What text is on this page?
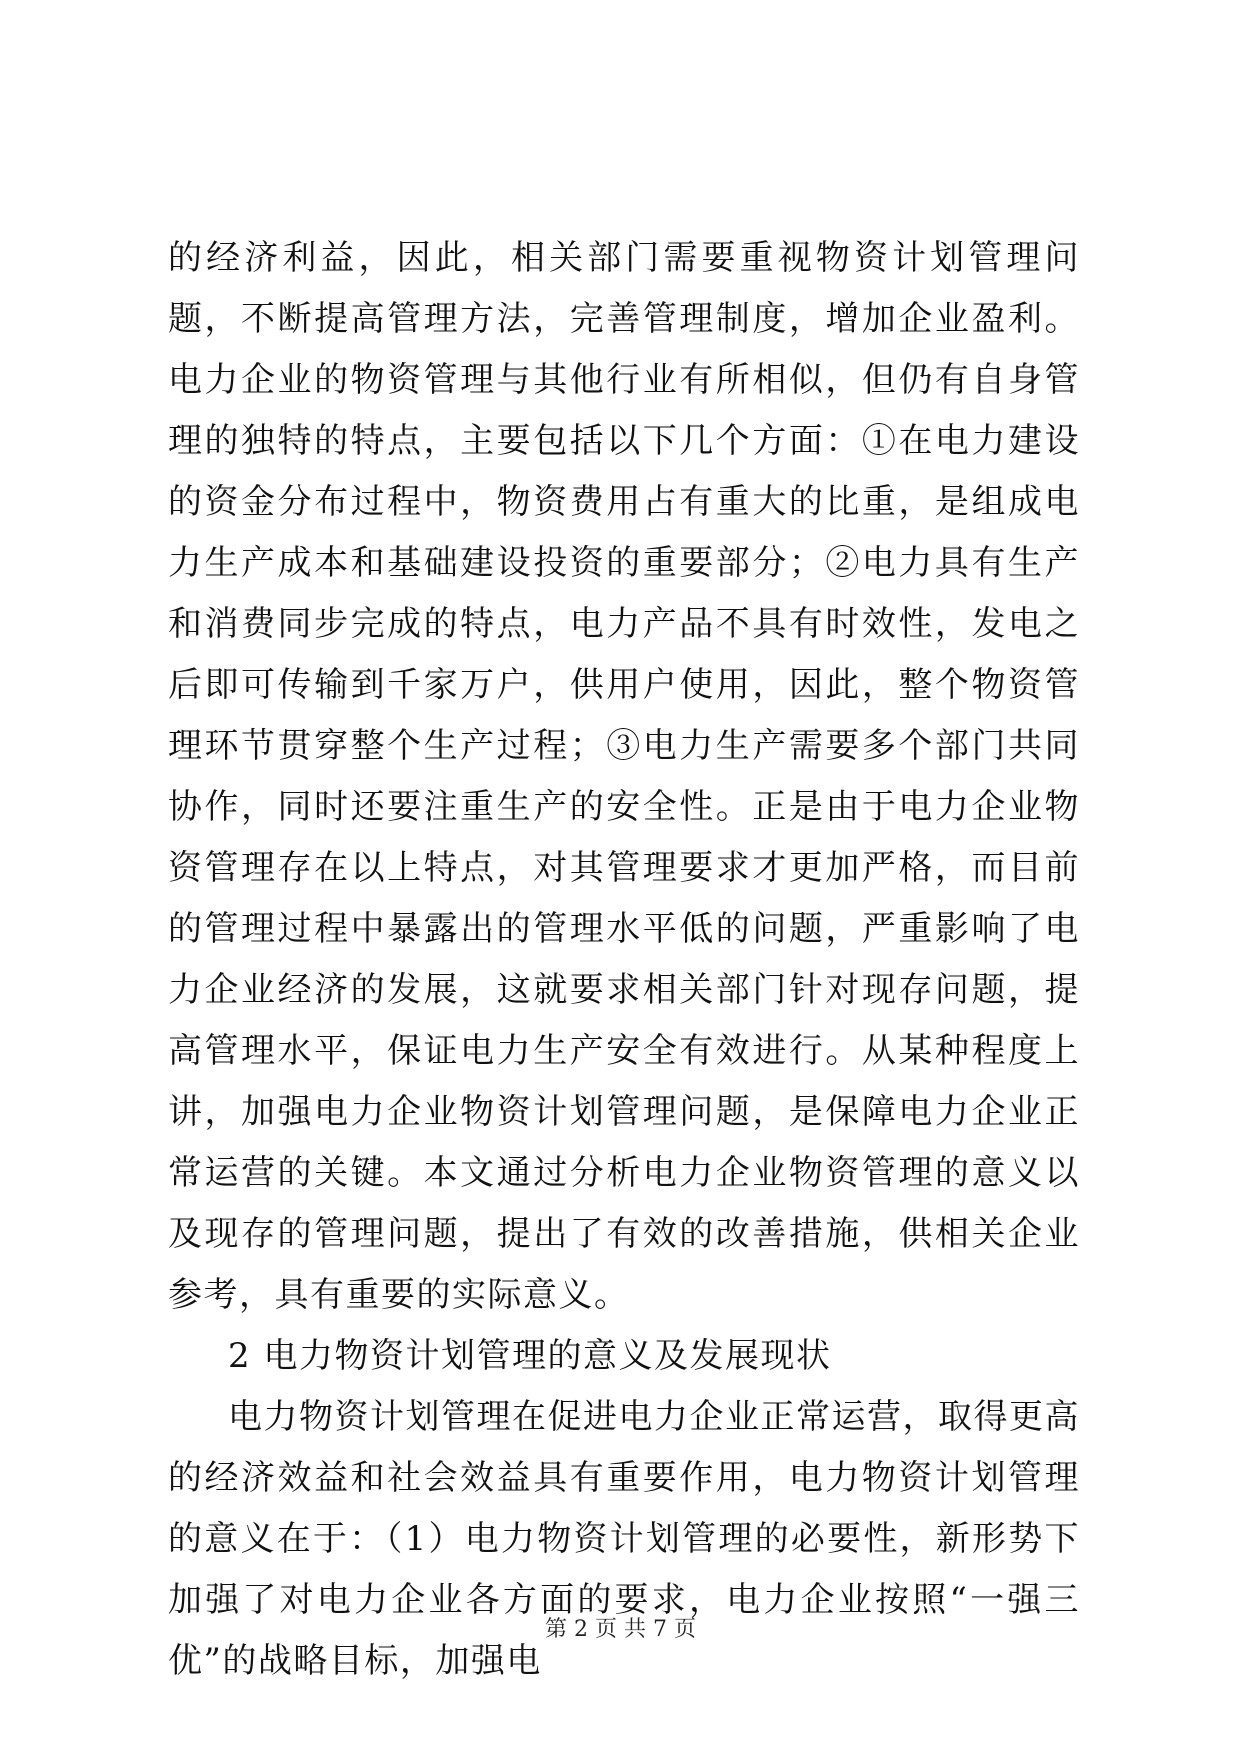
的经济利益，因此，相关部门需要重视物资计划管理问题，不断提高管理方法，完善管理制度，增加企业盈利。电力企业的物资管理与其他行业有所相似，但仍有自身管理的独特的特点，主要包括以下几个方面：①在电力建设的资金分布过程中，物资费用占有重大的比重，是组成电力生产成本和基础建设投资的重要部分；②电力具有生产和消费同步完成的特点，电力产品不具有时效性，发电之后即可传输到千家万户，供用户使用，因此，整个物资管理环节贯穿整个生产过程；③电力生产需要多个部门共同协作，同时还要注重生产的安全性。正是由于电力企业物资管理存在以上特点，对其管理要求才更加严格，而目前的管理过程中暴露出的管理水平低的问题，严重影响了电力企业经济的发展，这就要求相关部门针对现存问题，提高管理水平，保证电力生产安全有效进行。从某种程度上讲，加强电力企业物资计划管理问题，是保障电力企业正常运营的关键。本文通过分析电力企业物资管理的意义以及现存的管理问题，提出了有效的改善措施，供相关企业参考，具有重要的实际意义。

2 电力物资计划管理的意义及发展现状

电力物资计划管理在促进电力企业正常运营，取得更高的经济效益和社会效益具有重要作用，电力物资计划管理的意义在于：（1）电力物资计划管理的必要性，新形势下加强了对电力企业各方面的要求，电力企业按照“一强三优”的战略目标，加强电

第 2 页 共 7 页
